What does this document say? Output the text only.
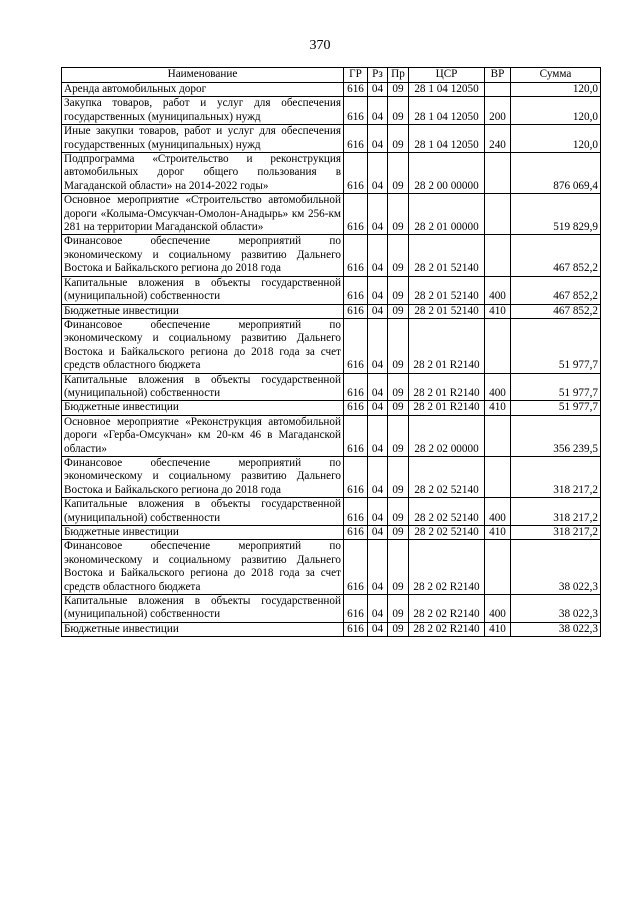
370
Наименование	ГР	Рз	Пр	ЦСР	ВР	Сумма
Аренда автомобильных дорог	616	04	09	28 1 04 12050		120,0
Закупка товаров, работ и услуг для обеспечения государственных (муниципальных) нужд	616	04	09	28 1 04 12050	200	120,0
Иные закупки товаров, работ и услуг для обеспечения государственных (муниципальных) нужд	616	04	09	28 1 04 12050	240	120,0
Подпрограмма «Строительство и реконструкция автомобильных дорог общего пользования в Магаданской области» на 2014-2022 годы»	616	04	09	28 2 00 00000		876 069,4
Основное мероприятие «Строительство автомобильной дороги «Колыма-Омсукчан-Омолон-Анадырь» км 256-км 281 на территории Магаданской области»	616	04	09	28 2 01 00000		519 829,9
Финансовое обеспечение мероприятий по экономическому и социальному развитию Дальнего Востока и Байкальского региона до 2018 года	616	04	09	28 2 01 52140		467 852,2
Капитальные вложения в объекты государственной (муниципальной) собственности	616	04	09	28 2 01 52140	400	467 852,2
Бюджетные инвестиции	616	04	09	28 2 01 52140	410	467 852,2
Финансовое обеспечение мероприятий по экономическому и социальному развитию Дальнего Востока и Байкальского региона до 2018 года за счет средств областного бюджета	616	04	09	28 2 01 R2140		51 977,7
Капитальные вложения в объекты государственной (муниципальной) собственности	616	04	09	28 2 01 R2140	400	51 977,7
Бюджетные инвестиции	616	04	09	28 2 01 R2140	410	51 977,7
Основное мероприятие «Реконструкция автомобильной дороги «Герба-Омсукчан» км 20-км 46 в Магаданской области»	616	04	09	28 2 02 00000		356 239,5
Финансовое обеспечение мероприятий по экономическому и социальному развитию Дальнего Востока и Байкальского региона до 2018 года	616	04	09	28 2 02 52140		318 217,2
Капитальные вложения в объекты государственной (муниципальной) собственности	616	04	09	28 2 02 52140	400	318 217,2
Бюджетные инвестиции	616	04	09	28 2 02 52140	410	318 217,2
Финансовое обеспечение мероприятий по экономическому и социальному развитию Дальнего Востока и Байкальского региона до 2018 года за счет средств областного бюджета	616	04	09	28 2 02 R2140		38 022,3
Капитальные вложения в объекты государственной (муниципальной) собственности	616	04	09	28 2 02 R2140	400	38 022,3
Бюджетные инвестиции	616	04	09	28 2 02 R2140	410	38 022,3
